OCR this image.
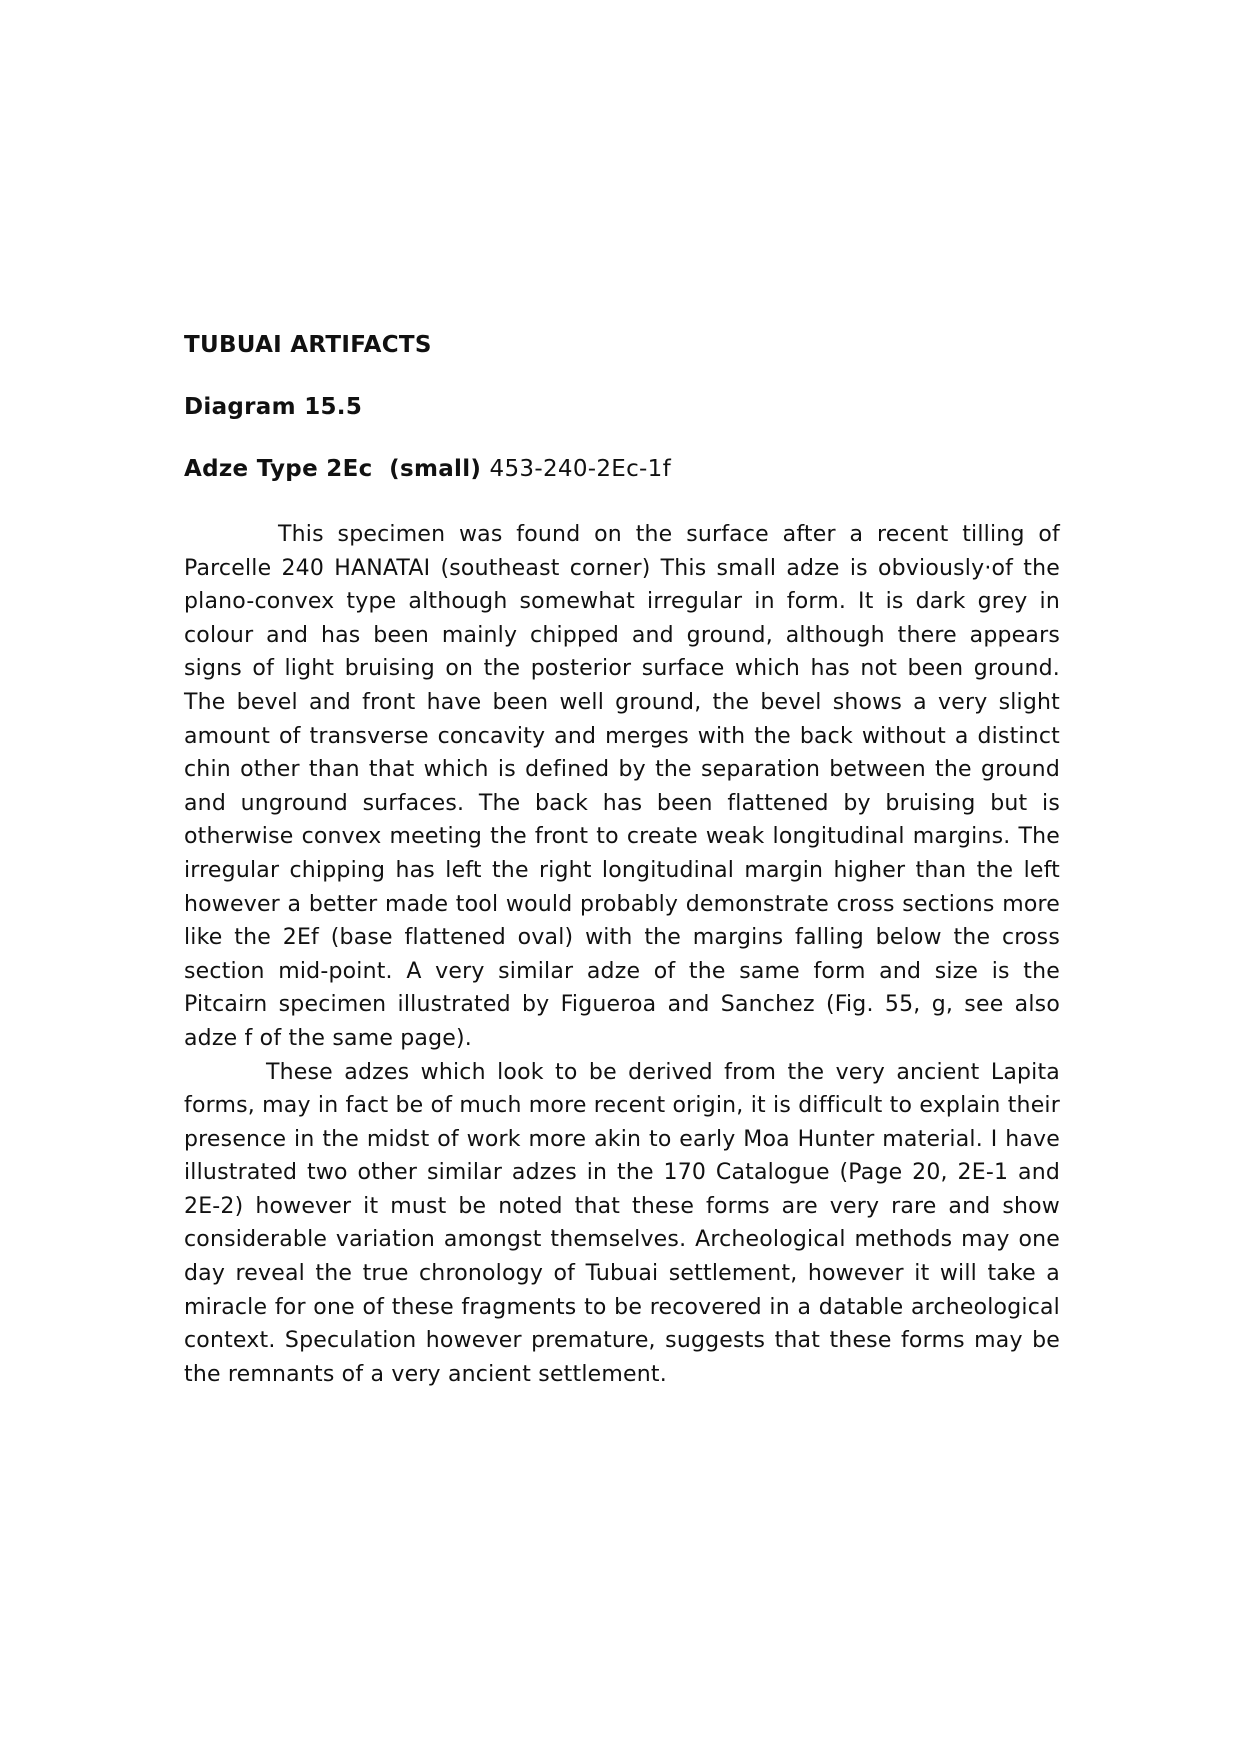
TUBUAI ARTIFACTS

Diagram 15.5

Adze Type 2Ec (small) 453-240-2Ec-1f

This specimen was found on the surface after a recent tilling of Parcelle 240 HANATAI (southeast corner) This small adze is obviously·of the plano-convex type although somewhat irregular in form. It is dark grey in colour and has been mainly chipped and ground, although there appears signs of light bruising on the posterior surface which has not been ground. The bevel and front have been well ground, the bevel shows a very slight amount of transverse concavity and merges with the back without a distinct chin other than that which is defined by the separation between the ground and unground surfaces. The back has been flattened by bruising but is otherwise convex meeting the front to create weak longitudinal margins. The irregular chipping has left the right longitudinal margin higher than the left however a better made tool would probably demonstrate cross sections more like the 2Ef (base flattened oval) with the margins falling below the cross section mid-point. A very similar adze of the same form and size is the Pitcairn specimen illustrated by Figueroa and Sanchez (Fig. 55, g, see also adze f of the same page).

These adzes which look to be derived from the very ancient Lapita forms, may in fact be of much more recent origin, it is difficult to explain their presence in the midst of work more akin to early Moa Hunter material. I have illustrated two other similar adzes in the 170 Catalogue (Page 20, 2E-1 and 2E-2) however it must be noted that these forms are very rare and show considerable variation amongst themselves. Archeological methods may one day reveal the true chronology of Tubuai settlement, however it will take a miracle for one of these fragments to be recovered in a datable archeological context. Speculation however premature, suggests that these forms may be the remnants of a very ancient settlement.
